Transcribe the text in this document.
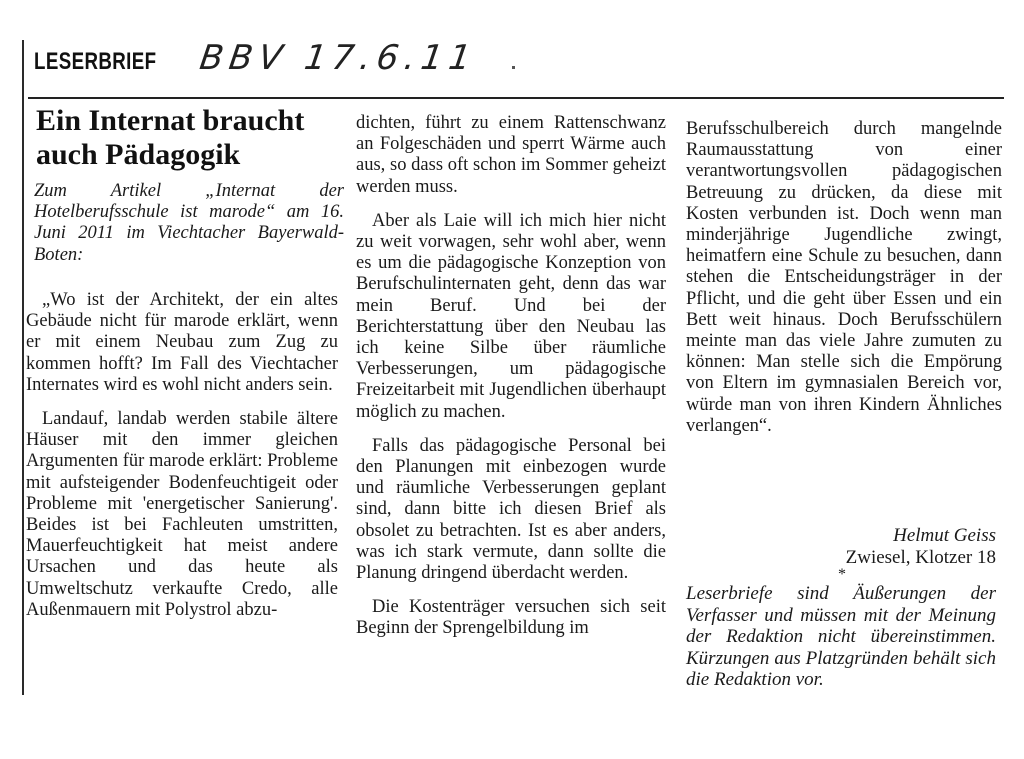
LESERBRIEF BBV 17.6.11
Ein Internat braucht auch Pädagogik
Zum Artikel „Internat der Hotelberufsschule ist marode“ am 16. Juni 2011 im Viechtacher Bayerwald- Boten:

„Wo ist der Architekt, der ein altes Gebäude nicht für marode erklärt, wenn er mit einem Neubau zum Zug zu kommen hofft? Im Fall des Viechtacher Internates wird es wohl nicht anders sein.

Landauf, landab werden stabile ältere Häuser mit den immer gleichen Argumenten für marode erklärt: Probleme mit aufsteigender Bodenfeuchtigeit oder Probleme mit 'energetischer Sanierung'. Beides ist bei Fachleuten umstritten, Mauerfeuchtigkeit hat meist andere Ursachen und das heute als Umweltschutz verkaufte Credo, alle Außenmauern mit Polystrol abzu-

dichten, führt zu einem Rattenschwanz an Folgeschäden und sperrt Wärme auch aus, so dass oft schon im Sommer geheizt werden muss.

Aber als Laie will ich mich hier nicht zu weit vorwagen, sehr wohl aber, wenn es um die pädagogische Konzeption von Berufschulinternaten geht, denn das war mein Beruf. Und bei der Berichterstattung über den Neubau las ich keine Silbe über räumliche Verbesserungen, um pädagogische Freizeitarbeit mit Jugendlichen überhaupt möglich zu machen.

Falls das pädagogische Personal bei den Planungen mit einbezogen wurde und räumliche Verbesserungen geplant sind, dann bitte ich diesen Brief als obsolet zu betrachten. Ist es aber anders, was ich stark vermute, dann sollte die Planung dringend überdacht werden.

Die Kostenträger versuchen sich seit Beginn der Sprengelbildung im

Berufsschulbereich durch mangelnde Raumausstattung von einer verantwortungsvollen pädagogischen Betreuung zu drücken, da diese mit Kosten verbunden ist. Doch wenn man minderjährige Jugendliche zwingt, heimatfern eine Schule zu besuchen, dann stehen die Entscheidungsträger in der Pflicht, und die geht über Essen und ein Bett weit hinaus. Doch Berufsschülern meinte man das viele Jahre zumuten zu können: Man stelle sich die Empörung von Eltern im gymnasialen Bereich vor, würde man von ihren Kindern Ähnliches verlangen“.

Helmut Geiss
Zwiesel, Klotzer 18
*
Leserbriefe sind Äußerungen der Verfasser und müssen mit der Meinung der Redaktion nicht übereinstimmen. Kürzungen aus Platzgründen behält sich die Redaktion vor.
